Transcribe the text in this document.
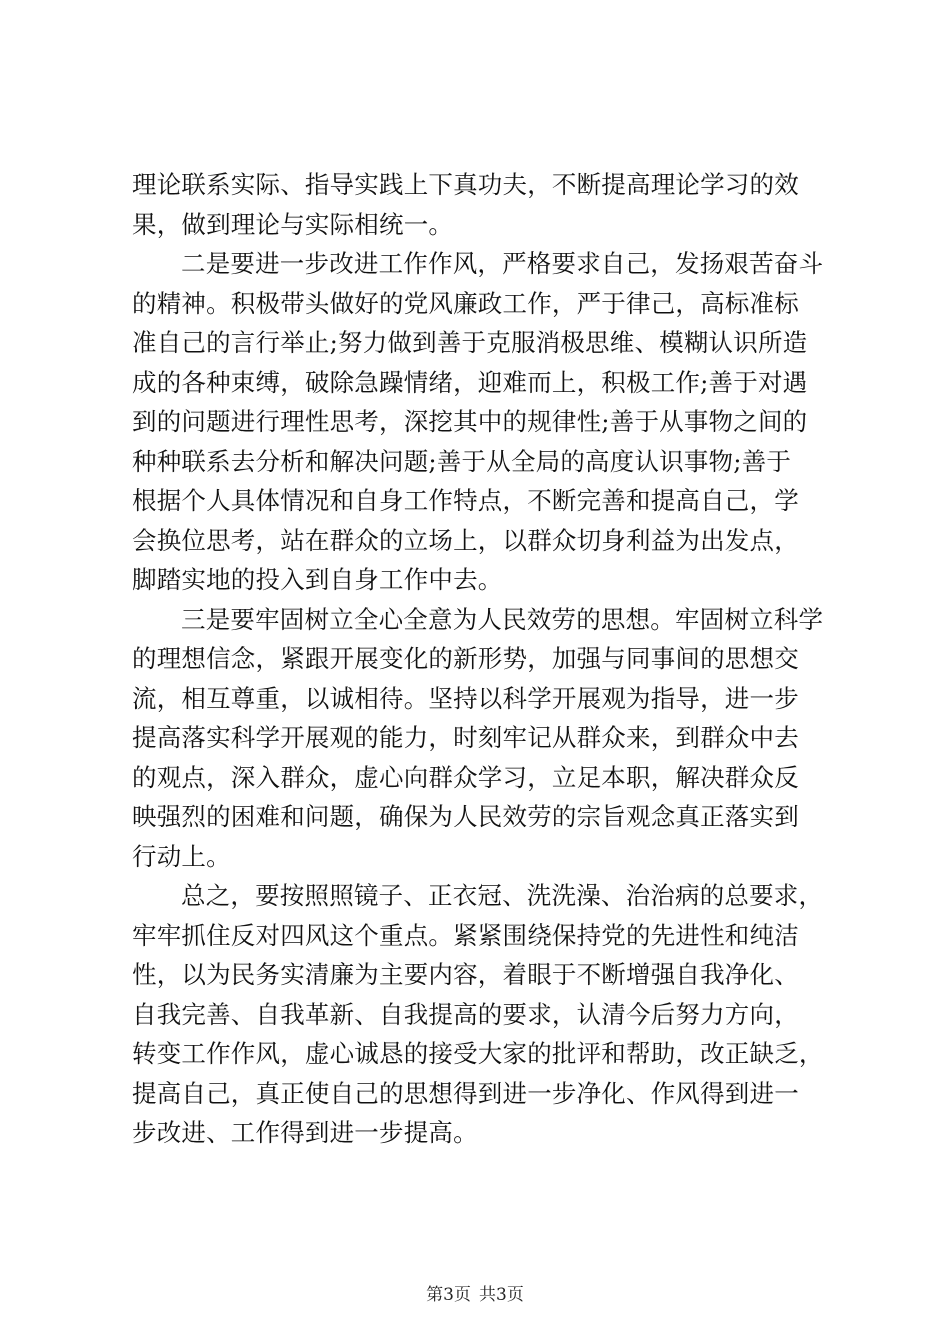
理论联系实际、指导实践上下真功夫，不断提高理论学习的效
果，做到理论与实际相统一。
二是要进一步改进工作作风，严格要求自己，发扬艰苦奋斗
的精神。积极带头做好的党风廉政工作，严于律己，高标准标
准自己的言行举止;努力做到善于克服消极思维、模糊认识所造
成的各种束缚，破除急躁情绪，迎难而上，积极工作;善于对遇
到的问题进行理性思考，深挖其中的规律性;善于从事物之间的
种种联系去分析和解决问题;善于从全局的高度认识事物;善于
根据个人具体情况和自身工作特点，不断完善和提高自己，学
会换位思考，站在群众的立场上，以群众切身利益为出发点，
脚踏实地的投入到自身工作中去。
三是要牢固树立全心全意为人民效劳的思想。牢固树立科学
的理想信念，紧跟开展变化的新形势，加强与同事间的思想交
流，相互尊重，以诚相待。坚持以科学开展观为指导，进一步
提高落实科学开展观的能力，时刻牢记从群众来，到群众中去
的观点，深入群众，虚心向群众学习，立足本职，解决群众反
映强烈的困难和问题，确保为人民效劳的宗旨观念真正落实到
行动上。
总之，要按照照镜子、正衣冠、洗洗澡、治治病的总要求，
牢牢抓住反对四风这个重点。紧紧围绕保持党的先进性和纯洁
性，以为民务实清廉为主要内容，着眼于不断增强自我净化、
自我完善、自我革新、自我提高的要求，认清今后努力方向，
转变工作作风，虚心诚恳的接受大家的批评和帮助，改正缺乏，
提高自己，真正使自己的思想得到进一步净化、作风得到进一
步改进、工作得到进一步提高。
第3页 共3页
